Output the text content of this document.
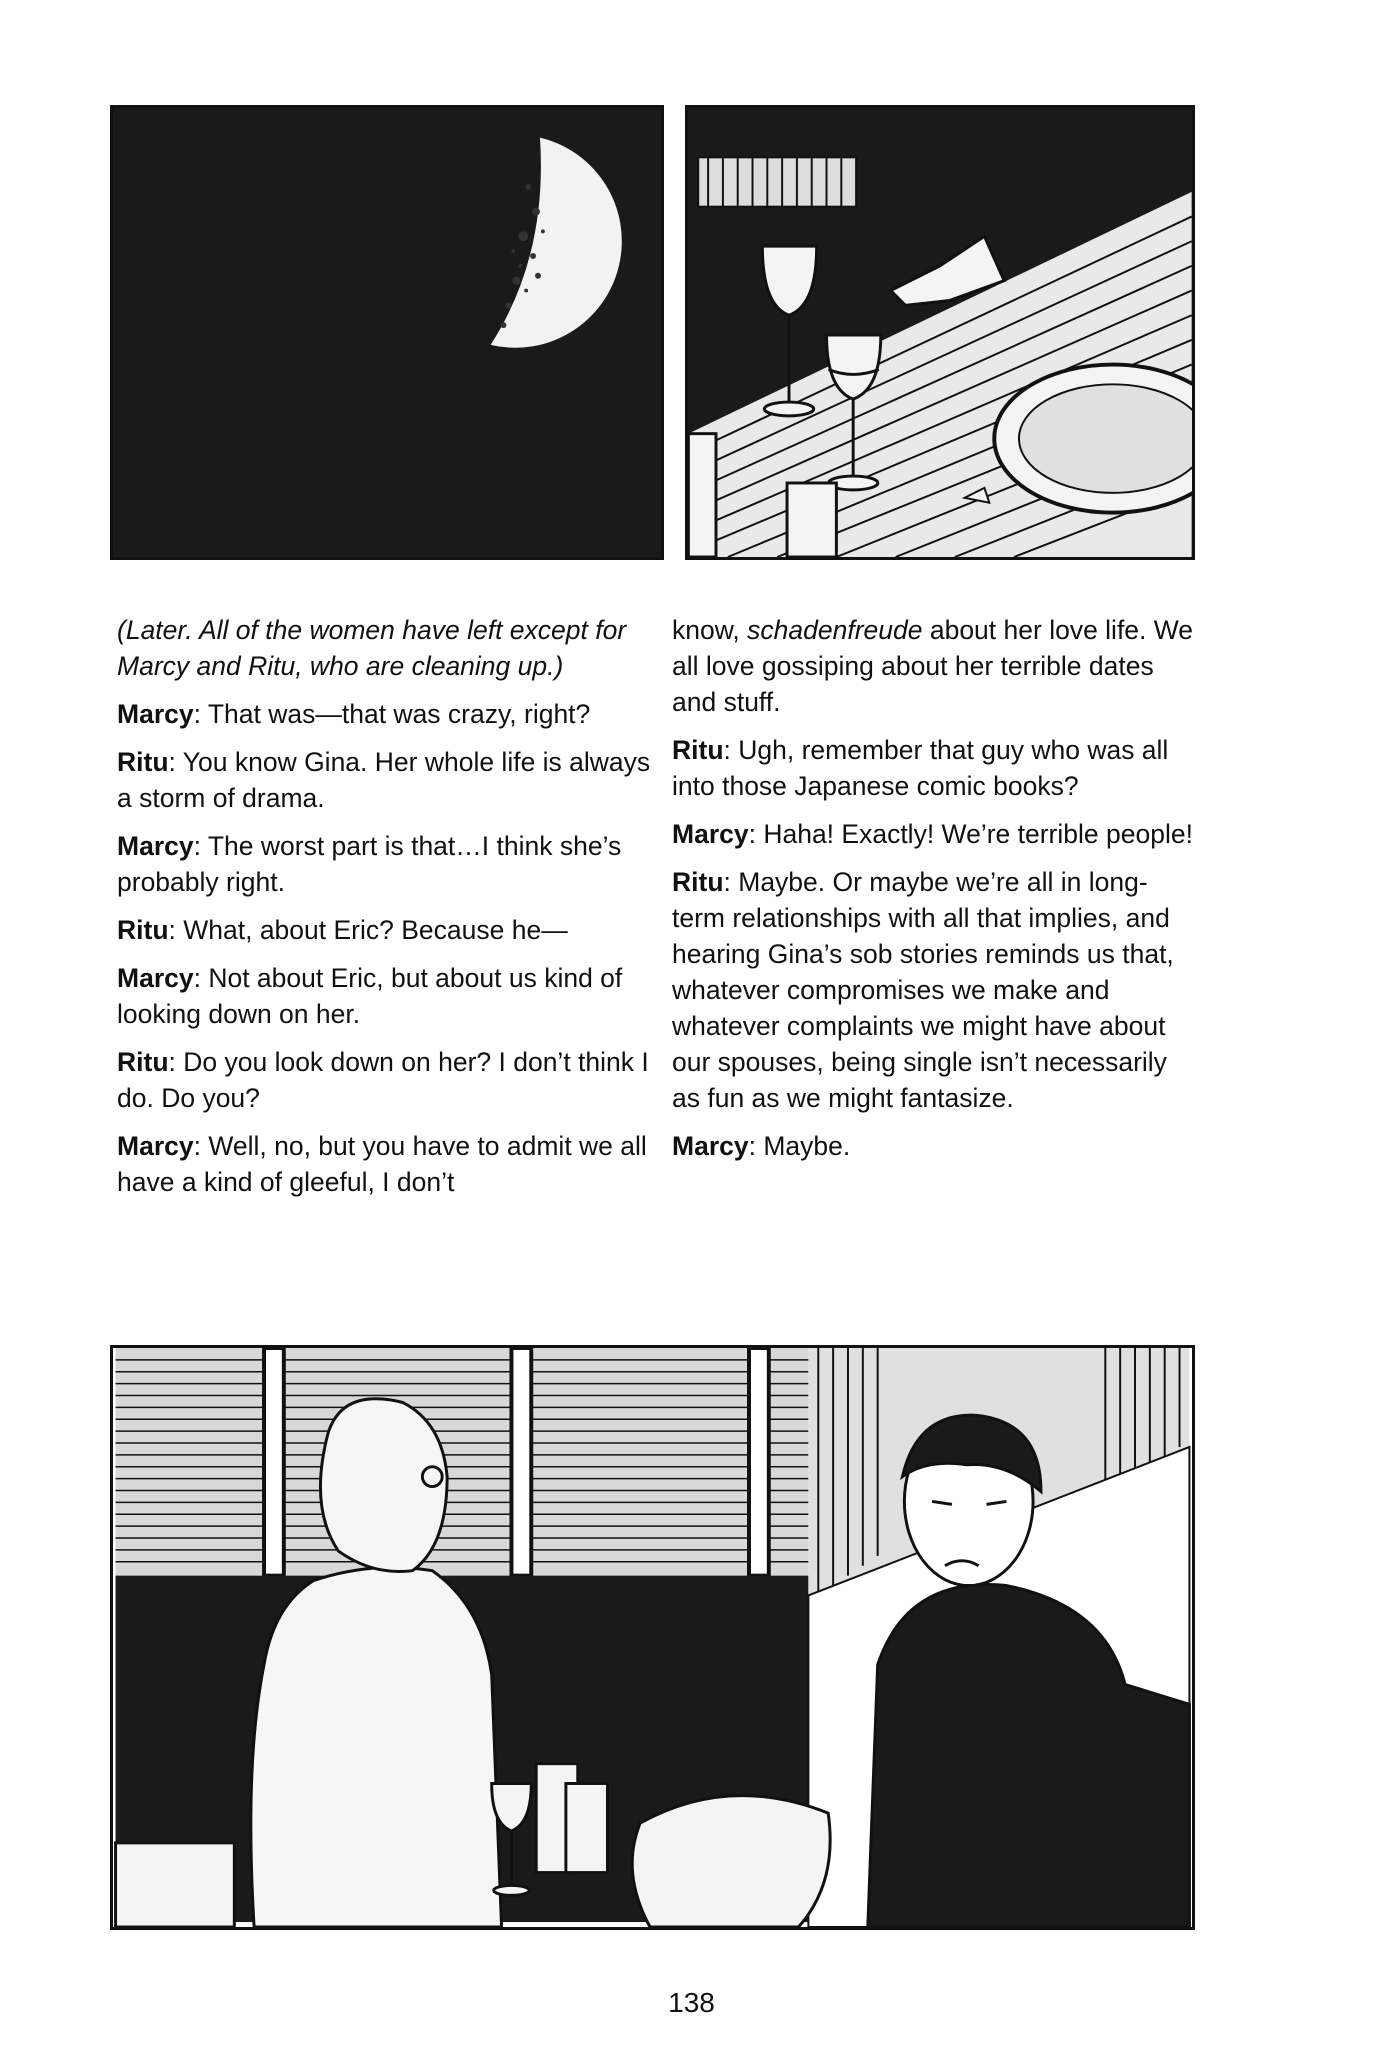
(Later. All of the women have left except for Marcy and Ritu, who are cleaning up.)

Marcy: That was—that was crazy, right?

Ritu: You know Gina. Her whole life is always a storm of drama.

Marcy: The worst part is that…I think she’s probably right.

Ritu: What, about Eric? Because he—

Marcy: Not about Eric, but about us kind of looking down on her.

Ritu: Do you look down on her? I don’t think I do. Do you?

Marcy: Well, no, but you have to admit we all have a kind of gleeful, I don’t

know, schadenfreude about her love life. We all love gossiping about her terrible dates and stuff.

Ritu: Ugh, remember that guy who was all into those Japanese comic books?

Marcy: Haha! Exactly! We’re terrible people!

Ritu: Maybe. Or maybe we’re all in long-term relationships with all that implies, and hearing Gina’s sob stories reminds us that, whatever compromises we make and whatever complaints we might have about our spouses, being single isn’t necessarily as fun as we might fantasize.

Marcy: Maybe.

138
